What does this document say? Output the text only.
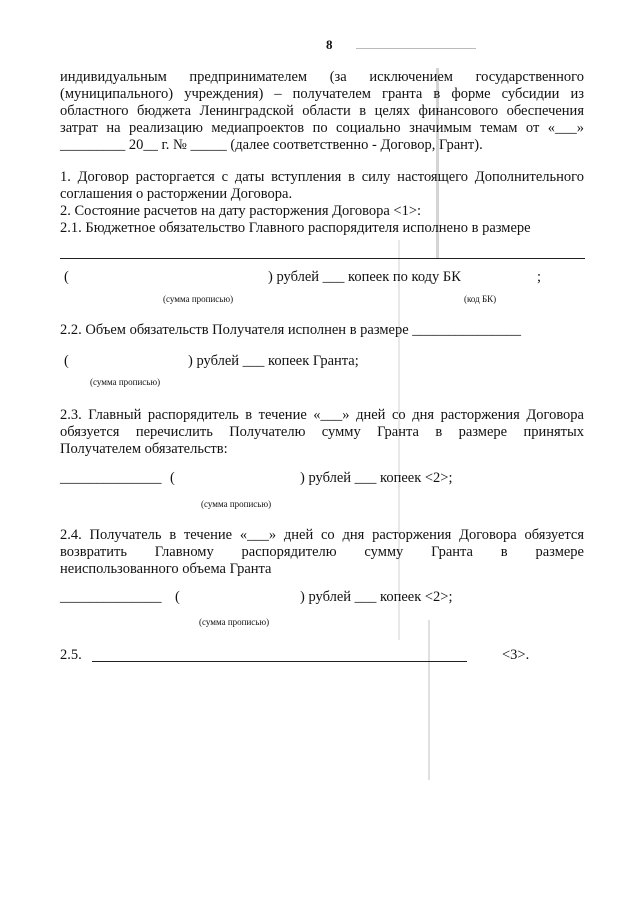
8
индивидуальным предпринимателем (за исключением государственного
(муниципального) учреждения) – получателем гранта в форме субсидии из
областного бюджета Ленинградской области в целях финансового обеспечения
затрат на реализацию медиапроектов по социально значимым темам от «___»
_________ 20__ г. № _____ (далее соответственно - Договор, Грант).
1. Договор расторгается с даты вступления в силу настоящего Дополнительного
соглашения о расторжении Договора.
2. Состояние расчетов на дату расторжения Договора <1>:
2.1. Бюджетное обязательство Главного распорядителя исполнено в размере
(	) рублей ___ копеек по коду БК	;
(сумма прописью)	(код БК)
2.2. Объем обязательств Получателя исполнен в размере _______________
(	) рублей ___ копеек Гранта;
(сумма прописью)
2.3. Главный распорядитель в течение «___» дней со дня расторжения Договора
обязуется перечислить Получателю сумму Гранта в размере принятых
Получателем обязательств:
______________ (	) рублей ___ копеек <2>;
(сумма прописью)
2.4. Получатель в течение «___» дней со дня расторжения Договора обязуется
возвратить Главному распорядителю сумму Гранта в размере
неиспользованного объема Гранта
______________ (	) рублей ___ копеек <2>;
(сумма прописью)
2.5.	<3>.
